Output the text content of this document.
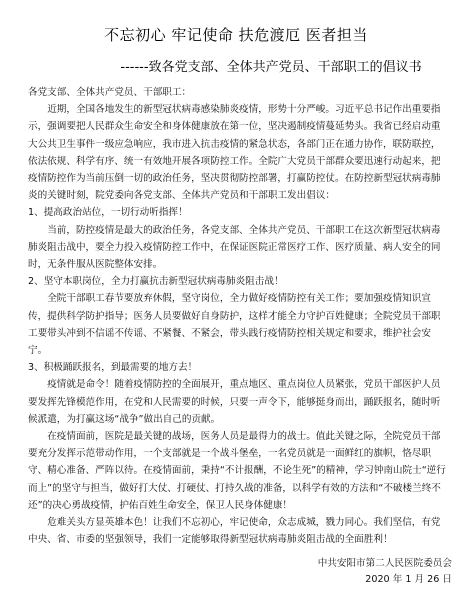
不忘初心 牢记使命 扶危渡厄 医者担当
------致各党支部、全体共产党员、干部职工的倡议书

各党支部、全体共产党员、干部职工：

近期，全国各地发生的新型冠状病毒感染肺炎疫情，形势十分严峻。习近平总书记作出重要指示，强调要把人民群众生命安全和身体健康放在第一位，坚决遏制疫情蔓延势头。我省已经启动重大公共卫生事件一级应急响应，我市进入抗击疫情的紧急状态，各部门正在通力协作，联防联控，依法依规、科学有序、统一有效地开展各项防控工作。全院广大党员干部群众要迅速行动起来，把疫情防控作为当前压倒一切的政治任务，坚决贯彻防控部署，打赢防控仗。在防控新型冠状病毒肺炎的关键时刻，院党委向各党支部、全体共产党员和干部职工发出倡议：

1、提高政治站位，一切行动听指挥！

当前，防控疫情是最大的政治任务，各党支部、全体共产党员、干部职工在这次新型冠状病毒肺炎阻击战中，要全力投入疫情防控工作中，在保证医院正常医疗工作、医疗质量、病人安全的同时，无条件服从医院整体安排。

2、坚守本职岗位，全力打赢抗击新型冠状病毒肺炎阻击战！

全院干部职工春节要放弃休假，坚守岗位，全力做好疫情防控有关工作；要加强疫情知识宣传，提供科学防护指导；医务人员要做好自身防护，这样才能全力守护百姓健康；全院党员干部职工要带头冲到不信谣不传谣、不紧餐、不紧会，带头践行疫情防控相关规定和要求，维护社会安宁。

3、积极踊跃报名，到最需要的地方去！

疫情就是命令！随着疫情防控的全面展开，重点地区、重点岗位人员紧张，党员干部医护人员要发挥先锋模范作用，在党和人民需要的时候，只要一声令下，能够挺身而出，踊跃报名，随时听候派遣，为打赢这场“战争”做出自己的贡献。

在疫情面前，医院是最关键的战场，医务人员是最得力的战士。值此关键之际，全院党员干部要充分发挥示范带动作用，一个支部就是一个战斗堡垒，一名党员就是一面鲜红的旗帜，恪尽职守、精心准备、严阵以待。在疫情面前，秉持“不计报酬，不论生死”的精神，学习钟南山院士“逆行而上”的坚守与担当，做好打大仗、打硬仗、打持久战的准备，以科学有效的方法和“不破楼兰终不还”的决心勇战疫情，护佑百姓生命安全，保卫人民身体健康！

危难关头方显英雄本色！让我们不忘初心，牢记使命，众志成城，戮力同心。我们坚信，有党中央、省、市委的坚强领导，我们一定能够取得新型冠状病毒肺炎阻击战的全面胜利！

中共安阳市第二人民医院委员会
2020 年 1 月 26 日
